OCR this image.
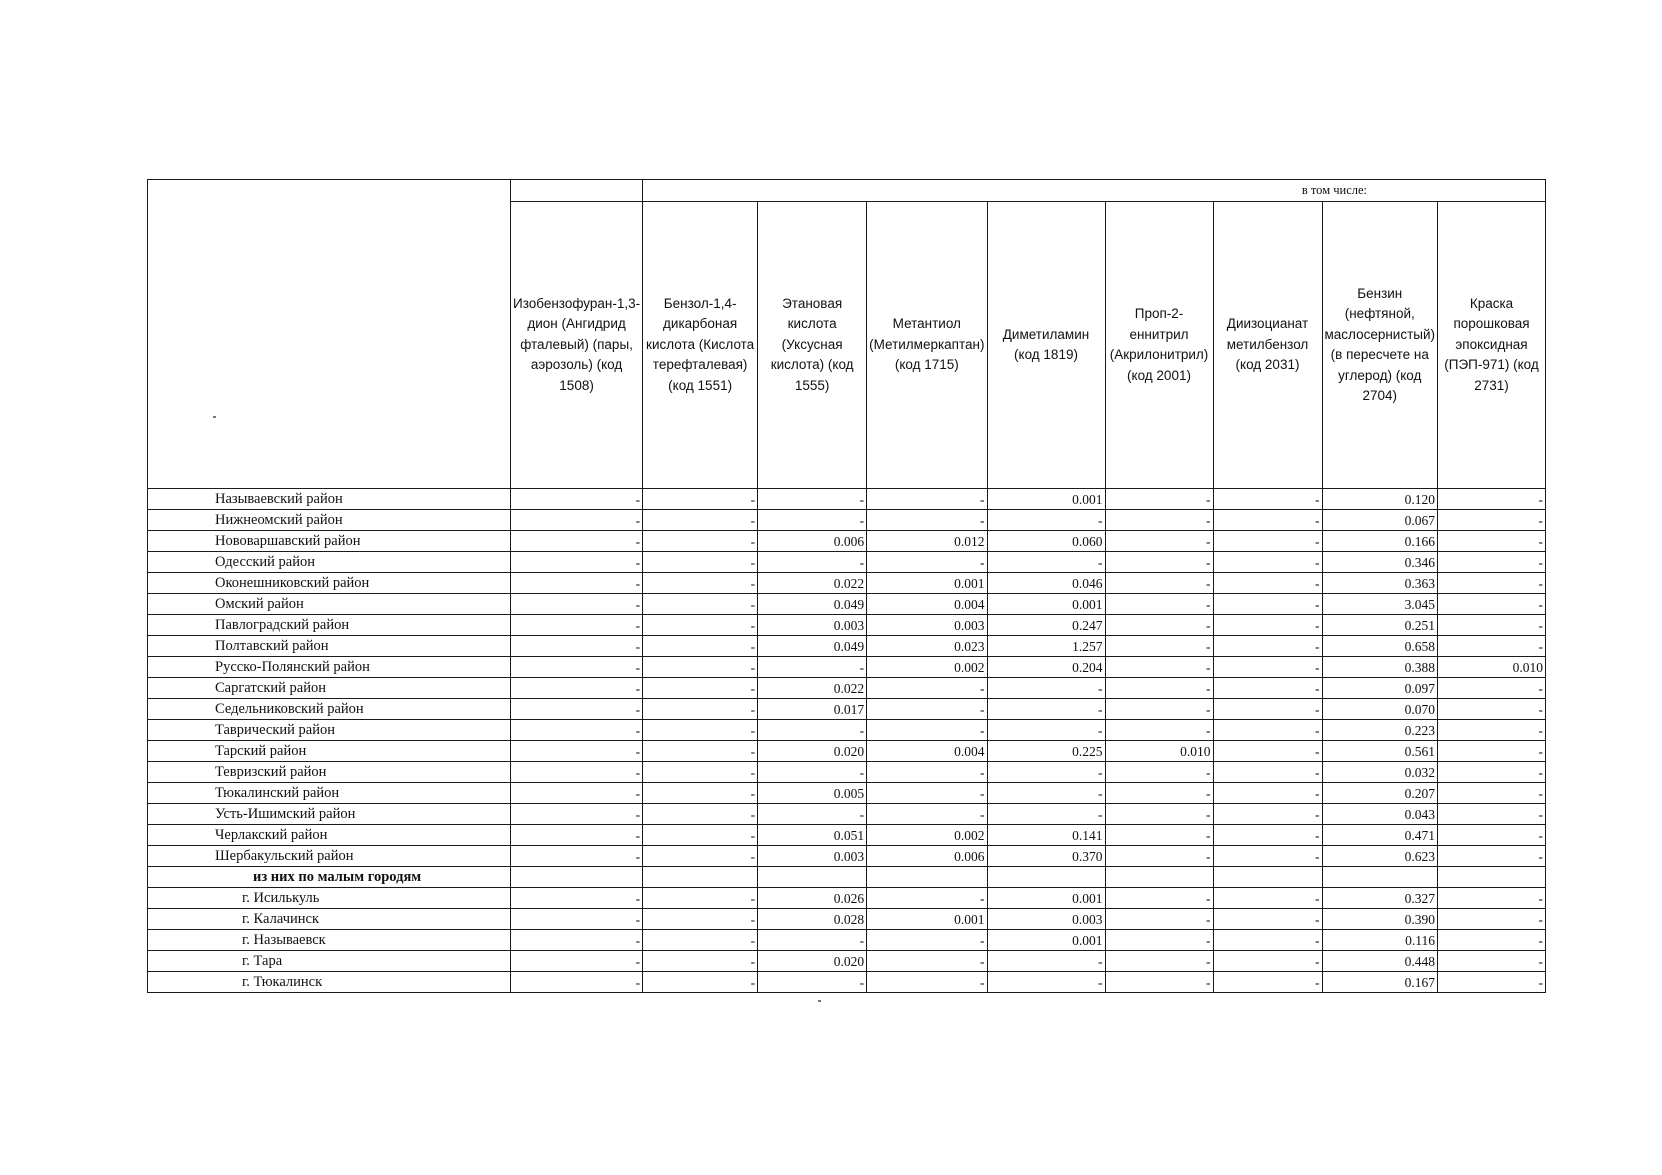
		в том числе:							
	Изобензофуран-1,3-дион (Ангидрид фталевый) (пары, аэрозоль) (код 1508)	Бензол-1,4-дикарбоная кислота (Кислота терефталевая) (код 1551)	Этановая кислота (Уксусная кислота) (код 1555)	Метантиол (Метилмеркаптан) (код 1715)	Диметиламин (код 1819)	Проп-2-еннитрил (Акрилонитрил) (код 2001)	Диизоцианат метилбензол (код 2031)	Бензин (нефтяной, маслосернистый) (в пересчете на углерод) (код 2704)	Краска порошковая эпоксидная (ПЭП-971) (код 2731)
Называевский район	-	-	-	-	0.001	-	-	0.120	-
Нижнеомский район	-	-	-	-	-	-	-	0.067	-
Нововаршавский район	-	-	0.006	0.012	0.060	-	-	0.166	-
Одесский район	-	-	-	-	-	-	-	0.346	-
Оконешниковский район	-	-	0.022	0.001	0.046	-	-	0.363	-
Омский район	-	-	0.049	0.004	0.001	-	-	3.045	-
Павлоградский район	-	-	0.003	0.003	0.247	-	-	0.251	-
Полтавский район	-	-	0.049	0.023	1.257	-	-	0.658	-
Русско-Полянский район	-	-	-	0.002	0.204	-	-	0.388	0.010
Саргатский район	-	-	0.022	-	-	-	-	0.097	-
Седельниковский район	-	-	0.017	-	-	-	-	0.070	-
Таврический район	-	-	-	-	-	-	-	0.223	-
Тарский район	-	-	0.020	0.004	0.225	0.010	-	0.561	-
Тевризский район	-	-	-	-	-	-	-	0.032	-
Тюкалинский район	-	-	0.005	-	-	-	-	0.207	-
Усть-Ишимский район	-	-	-	-	-	-	-	0.043	-
Черлакский район	-	-	0.051	0.002	0.141	-	-	0.471	-
Шербакульский район	-	-	0.003	0.006	0.370	-	-	0.623	-
из них по малым городям									
г. Исилькуль	-	-	0.026	-	0.001	-	-	0.327	-
г. Калачинск	-	-	0.028	0.001	0.003	-	-	0.390	-
г. Называевск	-	-	-	-	0.001	-	-	0.116	-
г. Тара	-	-	0.020	-	-	-	-	0.448	-
г. Тюкалинск	-	-	-	-	-	-	-	0.167	-
